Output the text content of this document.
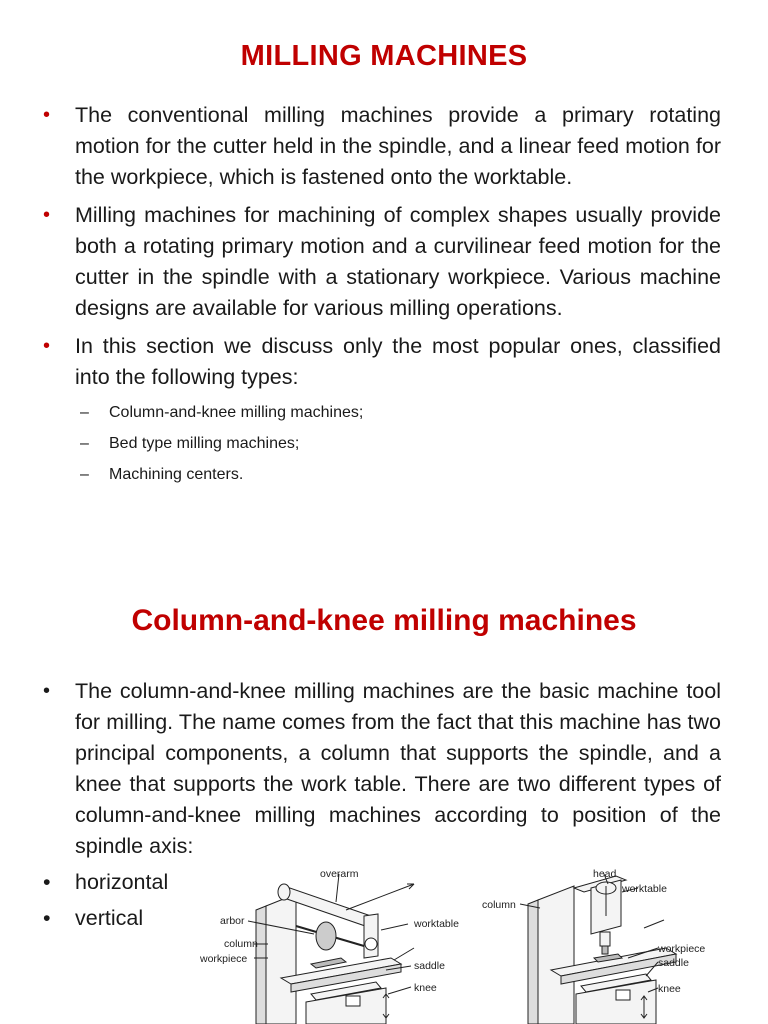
MILLING MACHINES
• The conventional milling machines provide a primary rotating motion for the cutter held in the spindle, and a linear feed motion for the workpiece, which is fastened onto the worktable.
• Milling machines for machining of complex shapes usually provide both a rotating primary motion and a curvilinear feed motion for the cutter in the spindle with a stationary workpiece. Various machine designs are available for various milling operations.
• In this section we discuss only the most popular ones, classified into the following types:
– Column-and-knee milling machines;
– Bed type milling machines;
– Machining centers.
Column-and-knee milling machines
• The column-and-knee milling machines are the basic machine tool for milling. The name comes from the fact that this machine has two principal components, a column that supports the spindle, and a knee that supports the work table. There are two different types of column-and-knee milling machines according to position of the spindle axis:
• horizontal
• vertical
overarm
arbor
column
workpiece
worktable
saddle
knee
head
column
worktable
workpiece
saddle
knee
